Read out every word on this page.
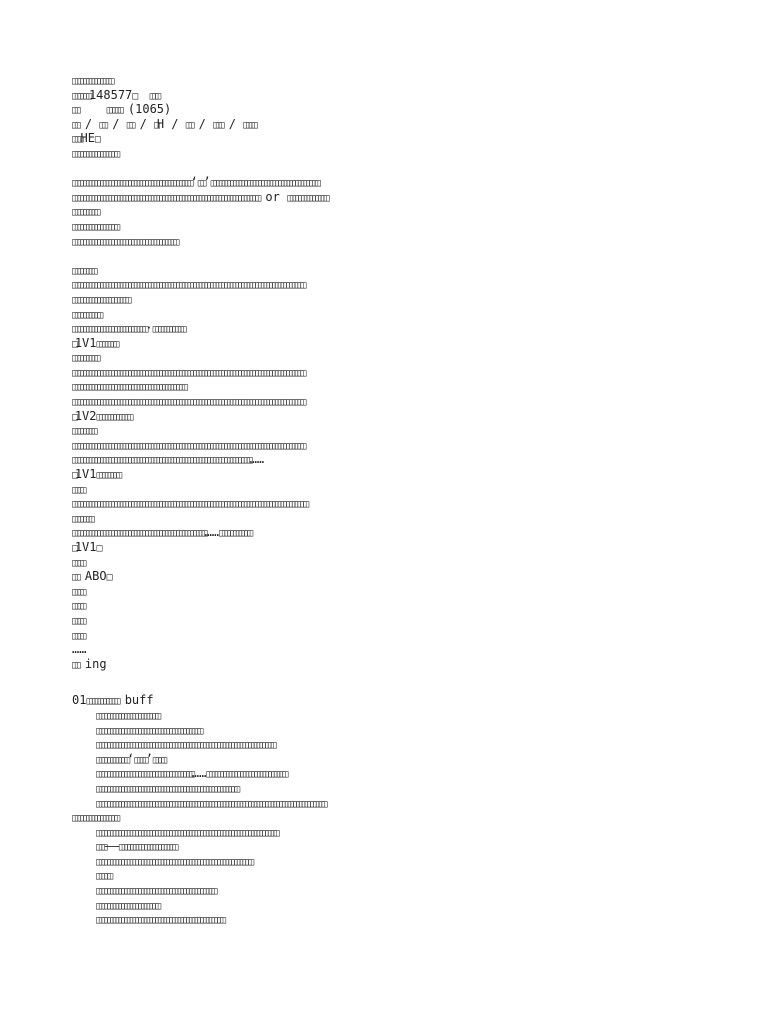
□□□□□□□□□□□□□□
□□□□□□148577□ □□□
□□	□□□□□ (1065)
□□ / □□ / □□ / □H / □□ / □□□ / □□□□
□□□HE□
□□□□□□□□□□□□□□□□
□□□□□□□□□□□□□□□□□□□□□□□□□□□□□□□□□□□□□□□□□□‘□□’□□□□□□□□□□□□□□□□□□□□□□□□□□□□□□□□□□□□□□
□□□□□□□□□□□□□□□□□□□□□□□□□□□□□□□□□□□□□□□□□□□□□□□□□□□□□□□□□□□□□□□□□□ or □□□□□□□□□□□□□□
□□□□□□□□□
□□□□□□□□□□□□□□□□
□□□□□□□□□□□□□□□□□□□□□□□□□□□□□□□□□□□□□
□□□□□□□□
□□□□□□□□□□□□□□□□□□□□□□□□□□□□□□□□□□□□□□□□□□□□□□□□□□□□□□□□□□□□□□□□□□□□□□□□□□□□□□□□□□
□□□□□□□□□□□□□□□□□□□□
□□□□□□□□□□
□□□□□□□□□□□□□□□□□□□□□□□□□□·□□□□□□□□□□□
□1V1□□□□□□□
□□□□□□□□□
□□□□□□□□□□□□□□□□□□□□□□□□□□□□□□□□□□□□□□□□□□□□□□□□□□□□□□□□□□□□□□□□□□□□□□□□□□□□□□□□□□
□□□□□□□□□□□□□□□□□□□□□□□□□□□□□□□□□□□□□□□□
□□□□□□□□□□□□□□□□□□□□□□□□□□□□□□□□□□□□□□□□□□□□□□□□□□□□□□□□□□□□□□□□□□□□□□□□□□□□□□□□□□
□1V2□□□□□□□□□□□□
□□□□□□□□
□□□□□□□□□□□□□□□□□□□□□□□□□□□□□□□□□□□□□□□□□□□□□□□□□□□□□□□□□□□□□□□□□□□□□□□□□□□□□□□□□□
□□□□□□□□□□□□□□□□□□□□□□□□□□□□□□□□□□□□□□□□□□□□□□□□□□□□□□□□□□□□□□□……
□1V1□□□□□□□□
□□□□
□□□□□□□□□□□□□□□□□□□□□□□□□□□□□□□□□□□□□□□□□□□□□□□□□□□□□□□□□□□□□□□□□□□□□□□□□□□□□□□□□□□
□□□□□□□
□□□□□□□□□□□□□□□□□□□□□□□□□□□□□□□□□□□□□□□□□□□□□□□……□□□□□□□□□□□
□1V1□
□□□□
□□ ABO□
□□□□
□□□□
□□□□
□□□□
……
□□ ing
01□□□□□□□□□□□ buff
□□□□□□□□□□□□□□□□□□□□□□
□□□□□□□□□□□□□□□□□□□□□□□□□□□□□□□□□□□□□
□□□□□□□□□□□□□□□□□□□□□□□□□□□□□□□□□□□□□□□□□□□□□□□□□□□□□□□□□□□□□□□
□□□□□□□□□□□‘□□□□’□□□□
□□□□□□□□□□□□□□□□□□□□□□□□□□□□□□□□□□……□□□□□□□□□□□□□□□□□□□□□□□□□□□□
□□□□□□□□□□□□□□□□□□□□□□□□□□□□□□□□□□□□□□□□□□□□□□□□□□
□□□□□□□□□□□□□□□□□□□□□□□□□□□□□□□□□□□□□□□□□□□□□□□□□□□□□□□□□□□□□□□□□□□□□□□□□□□□□□□□□
□□□□□□□□□□□□□□□□
□□□□□□□□□□□□□□□□□□□□□□□□□□□□□□□□□□□□□□□□□□□□□□□□□□□□□□□□□□□□□□□□
□□□——□□□□□□□□□□□□□□□□□□□□
□□□□□□□□□□□□□□□□□□□□□□□□□□□□□□□□□□□□□□□□□□□□□□□□□□□□□□□
□□□□□
□□□□□□□□□□□□□□□□□□□□□□□□□□□□□□□□□□□□□□□□□□
□□□□□□□□□□□□□□□□□□□□□□
□□□□□□□□□□□□□□□□□□□□□□□□□□□□□□□□□□□□□□□□□□□□□
